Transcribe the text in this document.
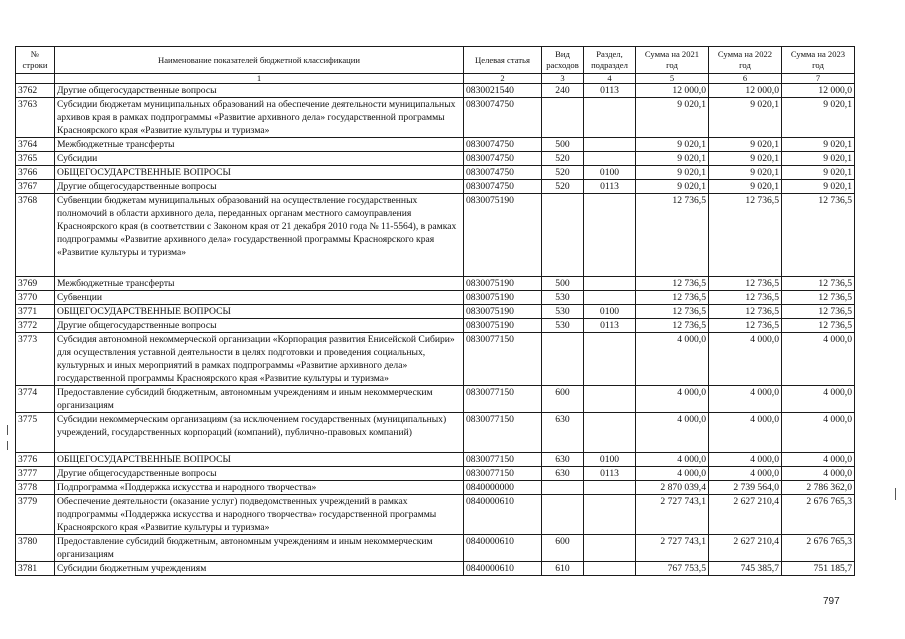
№ строки	Наименование показателей бюджетной классификации	Целевая статья	Вид расходов	Раздел, подраздел	Сумма на 2021 год	Сумма на 2022 год	Сумма на 2023 год
	1	2	3	4	5	6	7
3762	Другие общегосударственные вопросы	0830021540	240	0113	12 000,0	12 000,0	12 000,0
3763	Субсидии бюджетам муниципальных образований на обеспечение деятельности муниципальных архивов края в рамках подпрограммы «Развитие архивного дела» государственной программы Красноярского края «Развитие культуры и туризма»	0830074750			9 020,1	9 020,1	9 020,1
3764	Межбюджетные трансферты	0830074750	500		9 020,1	9 020,1	9 020,1
3765	Субсидии	0830074750	520		9 020,1	9 020,1	9 020,1
3766	ОБЩЕГОСУДАРСТВЕННЫЕ ВОПРОСЫ	0830074750	520	0100	9 020,1	9 020,1	9 020,1
3767	Другие общегосударственные вопросы	0830074750	520	0113	9 020,1	9 020,1	9 020,1
3768	Субвенции бюджетам муниципальных образований на осуществление государственных полномочий в области архивного дела, переданных органам местного самоуправления Красноярского края (в соответствии с Законом края от 21 декабря 2010 года № 11-5564), в рамках подпрограммы «Развитие архивного дела» государственной программы Красноярского края «Развитие культуры и туризма»	0830075190			12 736,5	12 736,5	12 736,5
3769	Межбюджетные трансферты	0830075190	500		12 736,5	12 736,5	12 736,5
3770	Субвенции	0830075190	530		12 736,5	12 736,5	12 736,5
3771	ОБЩЕГОСУДАРСТВЕННЫЕ ВОПРОСЫ	0830075190	530	0100	12 736,5	12 736,5	12 736,5
3772	Другие общегосударственные вопросы	0830075190	530	0113	12 736,5	12 736,5	12 736,5
3773	Субсидия автономной некоммерческой организации «Корпорация развития Енисейской Сибири» для осуществления уставной деятельности в целях подготовки и проведения социальных, культурных и иных мероприятий в рамках подпрограммы «Развитие архивного дела» государственной программы Красноярского края «Развитие культуры и туризма»	0830077150			4 000,0	4 000,0	4 000,0
3774	Предоставление субсидий бюджетным, автономным учреждениям и иным некоммерческим организациям	0830077150	600		4 000,0	4 000,0	4 000,0
3775	Субсидии некоммерческим организациям (за исключением государственных (муниципальных) учреждений, государственных корпораций (компаний), публично-правовых компаний)	0830077150	630		4 000,0	4 000,0	4 000,0
3776	ОБЩЕГОСУДАРСТВЕННЫЕ ВОПРОСЫ	0830077150	630	0100	4 000,0	4 000,0	4 000,0
3777	Другие общегосударственные вопросы	0830077150	630	0113	4 000,0	4 000,0	4 000,0
3778	Подпрограмма «Поддержка искусства и народного творчества»	0840000000			2 870 039,4	2 739 564,0	2 786 362,0
3779	Обеспечение деятельности (оказание услуг) подведомственных учреждений в рамках подпрограммы «Поддержка искусства и народного творчества» государственной программы Красноярского края «Развитие культуры и туризма»	0840000610			2 727 743,1	2 627 210,4	2 676 765,3
3780	Предоставление субсидий бюджетным, автономным учреждениям и иным некоммерческим организациям	0840000610	600		2 727 743,1	2 627 210,4	2 676 765,3
3781	Субсидии бюджетным учреждениям	0840000610	610		767 753,5	745 385,7	751 185,7
797
